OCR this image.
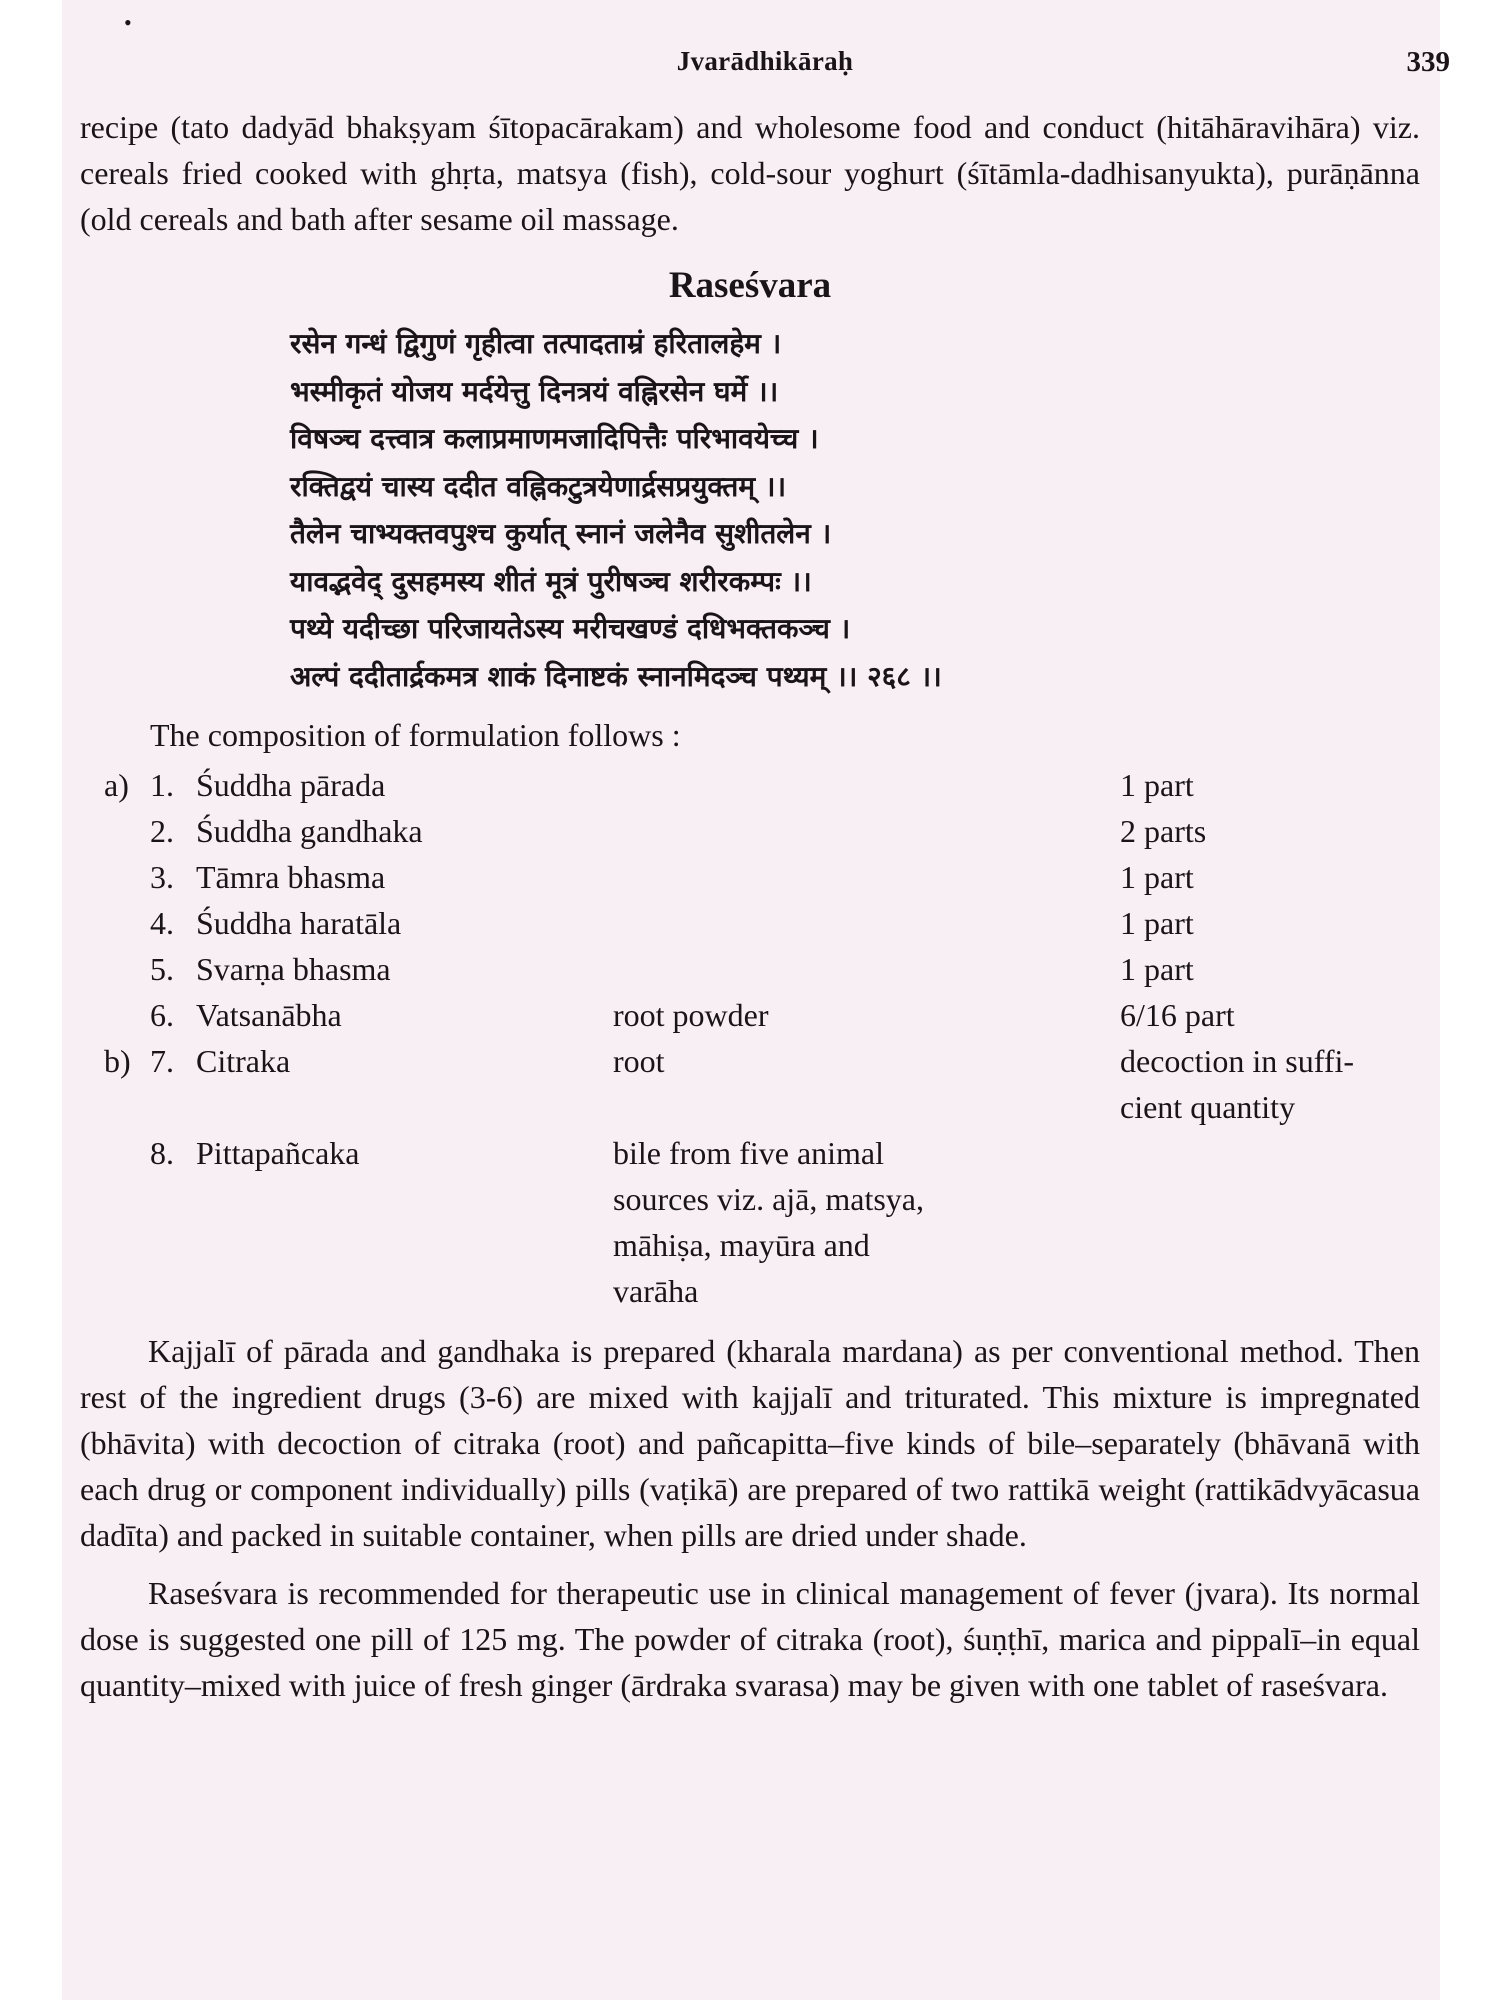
•
Jvarādhikāraḥ	339

recipe (tato dadyād bhakṣyam śītopacārakam) and wholesome food and conduct (hitāhāravihāra) viz. cereals fried cooked with ghṛta, matsya (fish), cold-sour yoghurt (śītāmla-dadhisanyukta), purāṇānna (old cereals and bath after sesame oil massage.

Raseśvara
रसेन गन्धं द्विगुणं गृहीत्वा तत्पादताम्रं हरितालहेम ।
भस्मीकृतं योजय मर्दयेत्तु दिनत्रयं वह्निरसेन घर्मे ।।
विषञ्च दत्त्वात्र कलाप्रमाणमजादिपित्तैः परिभावयेच्च ।
रक्तिद्वयं चास्य ददीत वह्निकटुत्रयेणार्द्रसप्रयुक्तम् ।।
तैलेन चाभ्यक्तवपुश्च कुर्यात् स्नानं जलेनैव सुशीतलेन ।
यावद्भवेद् दुसहमस्य शीतं मूत्रं पुरीषञ्च शरीरकम्पः ।।
पथ्ये यदीच्छा परिजायतेऽस्य मरीचखण्डं दधिभक्तकञ्च ।
अल्पं ददीतार्द्रकमत्र शाकं दिनाष्टकं स्नानमिदञ्च पथ्यम् ।। २६८ ।।

The composition of formulation follows :

a) 1. Śuddha pārada	1 part
2. Śuddha gandhaka	2 parts
3. Tāmra bhasma	1 part
4. Śuddha haratāla	1 part
5. Svarṇa bhasma	1 part
6. Vatsanābha	root powder	6/16 part
b) 7. Citraka	root	decoction in suffi-
cient quantity
8. Pittapañcaka	bile from five animal
sources viz. ajā, matsya,
māhiṣa, mayūra and
varāha

Kajjalī of pārada and gandhaka is prepared (kharala mardana) as per conventional method. Then rest of the ingredient drugs (3-6) are mixed with kajjalī and triturated. This mixture is impregnated (bhāvita) with decoction of citraka (root) and pañcapitta–five kinds of bile–separately (bhāvanā with each drug or component individually) pills (vaṭikā) are prepared of two rattikā weight (rattikādvyācasua dadīta) and packed in suitable container, when pills are dried under shade.

Raseśvara is recommended for therapeutic use in clinical management of fever (jvara). Its normal dose is suggested one pill of 125 mg. The powder of citraka (root), śuṇṭhī, marica and pippalī–in equal quantity–mixed with juice of fresh ginger (ārdraka svarasa) may be given with one tablet of raseśvara.
